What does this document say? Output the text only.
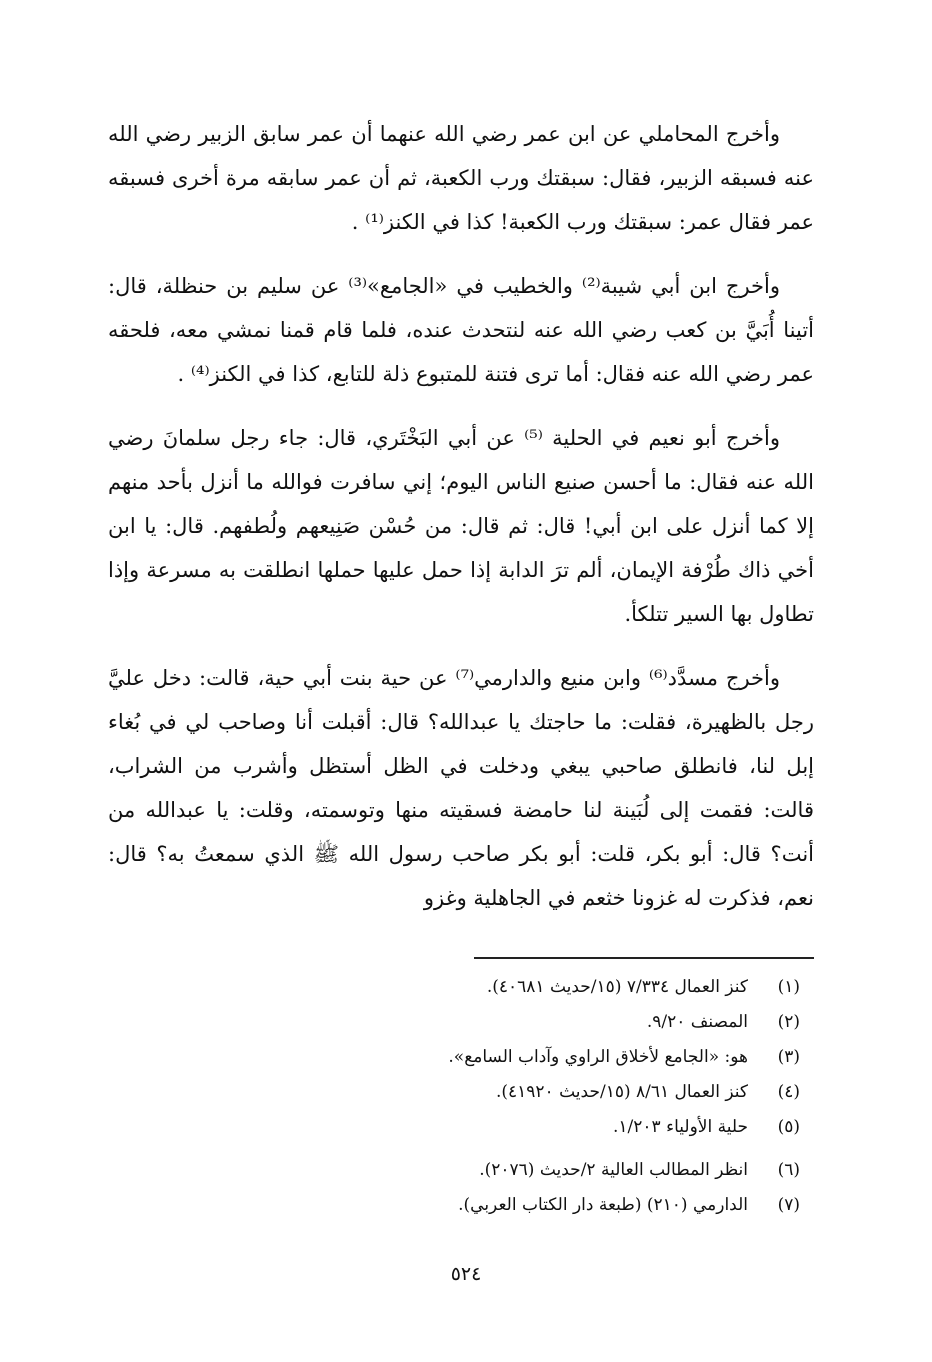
وأخرج المحاملي عن ابن عمر رضي الله عنهما أن عمر سابق الزبير رضي الله عنه فسبقه الزبير، فقال: سبقتك ورب الكعبة، ثم أن عمر سابقه مرة أخرى فسبقه عمر فقال عمر: سبقتك ورب الكعبة! كذا في الكنز⁽¹⁾ .

وأخرج ابن أبي شيبة⁽²⁾ والخطيب في «الجامع»⁽³⁾ عن سليم بن حنظلة، قال: أتينا أُبَيَّ بن كعب رضي الله عنه لنتحدث عنده، فلما قام قمنا نمشي معه، فلحقه عمر رضي الله عنه فقال: أما ترى فتنة للمتبوع ذلة للتابع، كذا في الكنز⁽⁴⁾ .

وأخرج أبو نعيم في الحلية ⁽⁵⁾ عن أبي البَخْتَري، قال: جاء رجل سلمانَ رضي الله عنه فقال: ما أحسن صنيع الناس اليوم؛ إني سافرت فوالله ما أنزل بأحد منهم إلا كما أنزل على ابن أبي! قال: ثم قال: من حُسْن صَنِيعهم ولُطفهم. قال: يا ابن أخي ذاك طُرْفة الإيمان، ألم ترَ الدابة إذا حمل عليها حملها انطلقت به مسرعة وإذا تطاول بها السير تتلكأ.

وأخرج مسدَّد⁽⁶⁾ وابن منيع والدارمي⁽⁷⁾ عن حية بنت أبي حية، قالت: دخل عليَّ رجل بالظهيرة، فقلت: ما حاجتك يا عبدالله؟ قال: أقبلت أنا وصاحب لي في بُغاء إبل لنا، فانطلق صاحبي يبغي ودخلت في الظل أستظل وأشرب من الشراب، قالت: فقمت إلى لُبَينة لنا حامضة فسقيته منها وتوسمته، وقلت: يا عبدالله من أنت؟ قال: أبو بكر، قلت: أبو بكر صاحب رسول الله ﷺ الذي سمعتُ به؟ قال: نعم، فذكرت له غزونا خثعم في الجاهلية وغزو

(١)
كنز العمال ٧/٣٣٤ (١٥/حديث ٤٠٦٨١).
(٢)
المصنف ٩/٢٠.
(٣)
هو: «الجامع لأخلاق الراوي وآداب السامع».
(٤)
كنز العمال ٨/٦١ (١٥/حديث ٤١٩٢٠).
(٥)
حلية الأولياء ١/٢٠٣.
(٦)
انظر المطالب العالية ٢/حديث (٢٠٧٦).
(٧)
الدارمي (٢١٠) (طبعة دار الكتاب العربي).
٥٢٤
